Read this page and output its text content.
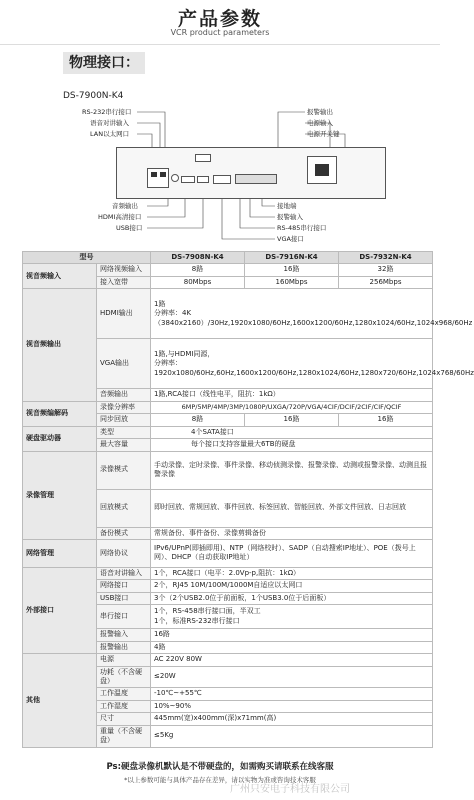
产品参数
VCR product parameters
物理接口：
DS-7900N-K4
RS-232串行接口
语音对讲输入
LAN以太网口
报警输出
电源输入
电源开关键
音频输出
HDMI高清接口
USB接口
接地端
报警输入
RS-485串行接口
VGA接口
型号		DS-7908N-K4	DS-7916N-K4	DS-7932N-K4
视音频输入	网络视频输入	8路	16路	32路
	接入宽带	80Mbps	160Mbps	256Mbps
视音频输出	HDMI输出	1路
分辨率：4K（3840x2160）/30Hz,1920x1080/60Hz,1600x1200/60Hz,1280x1024/60Hz,1024x968/60Hz		

	VGA输出	1路,与HDMI同源，
分辨率：1920x1080/60Hz,60Hz,1600x1200/60Hz,1280x1024/60Hz,1280x720/60Hz,1024x768/60Hz		

	音频输出	1路,RCA接口（线性电平，阻抗：1kΩ）		
视音频编解码	录像分辨率	6MP/5MP/4MP/3MP/1080P/UXGA/720P/VGA/4CIF/DCIF/2CIF/CIF/QCIF		
	同步回放	8路	16路	16路
硬盘驱动器	类型	4个SATA接口		
	最大容量	每个接口支持容量最大6TB的硬盘		
录像管理	录像模式	手动录像、定时录像、事件录像、移动侦测录像、报警录像、动测或报警录像、动测且报警录像		
	回放模式	即时回放、常规回放、事件回放、标签回放、智能回放、外部文件回放、日志回放		
	备份模式	常规备份、事件备份、录像剪辑备份		
网络管理	网络协议	IPv6/UPnP(即插即用)、NTP（网络校时）、SADP（自动搜索IP地址）、POE（拨号上网）、DHCP（自动获取IP地址）		
外部接口	语音对讲输入	1个，RCA接口（电平：2.0Vp-p,阻抗：1kΩ）		
	网络接口	2个，RJ45 10M/100M/1000M自适应以太网口		
	USB接口	3个（2个USB2.0位于前面板，1个USB3.0位于后面板）		
	串行接口	1个，RS-458串行接口面，半双工
1个，标准RS-232串行接口		

	报警输入	16路		
	报警输出	4路		
其他	电源	AC 220V 80W		
	功耗（不含硬盘）	≤20W		
	工作温度	-10℃~+55℃		
	工作湿度	10%~90%		
	尺寸	445mm(宽)x400mm(深)x71mm(高)		
	重量（不含硬盘）	≤5Kg		
Ps:硬盘录像机默认是不带硬盘的，如需购买请联系在线客服
*以上参数可能与具体产品存在差异，请以实物为准或咨询技术客服
广州只安电子科技有限公司
